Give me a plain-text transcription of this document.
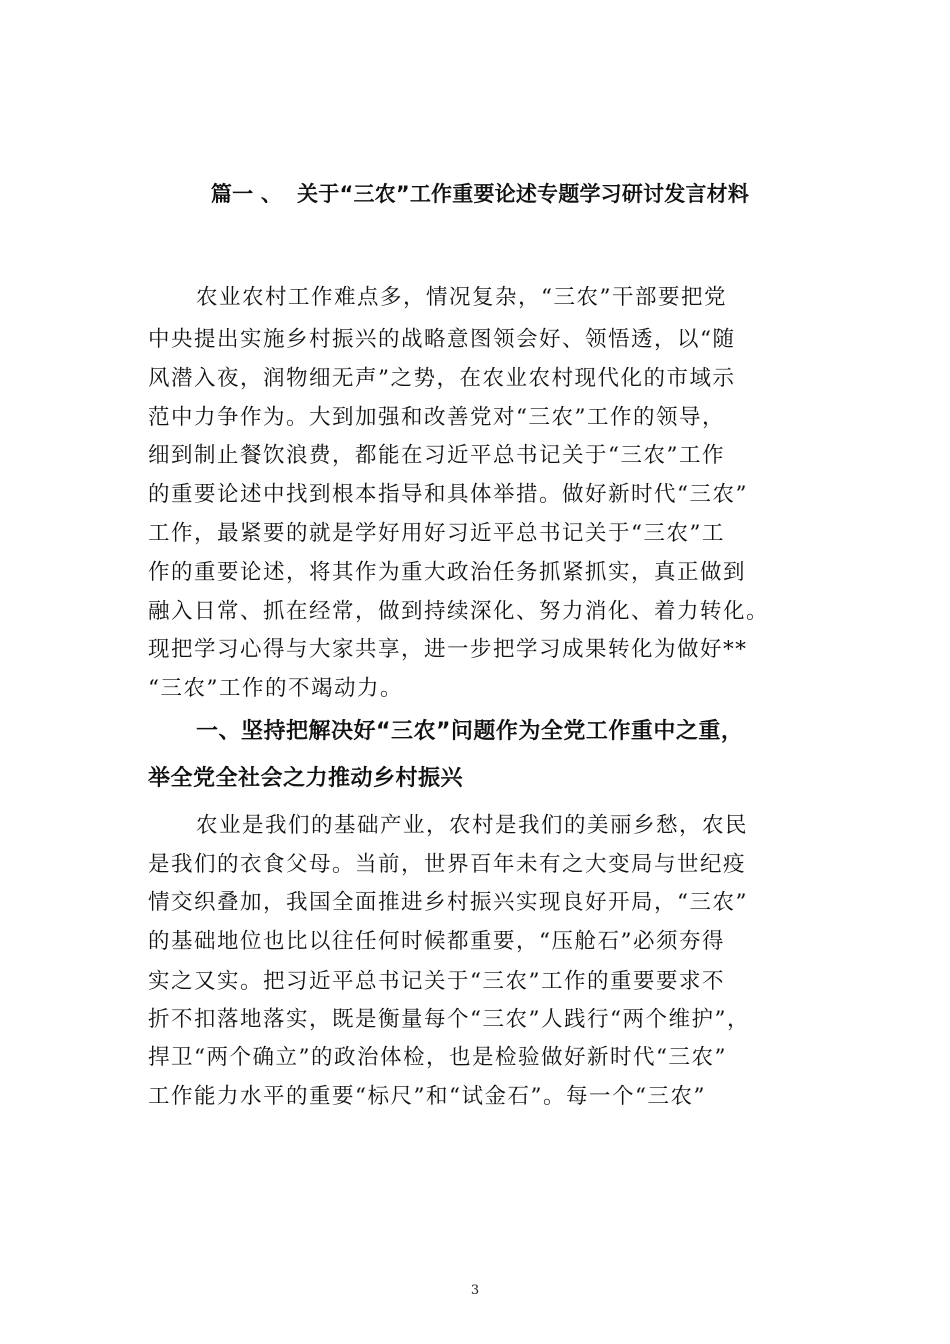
篇一 、  关于“三农”工作重要论述专题学习研讨发言材料

农业农村工作难点多，情况复杂，“三农”干部要把党

中央提出实施乡村振兴的战略意图领会好、领悟透，以“随

风潜入夜，润物细无声”之势，在农业农村现代化的市域示

范中力争作为。大到加强和改善党对“三农”工作的领导，

细到制止餐饮浪费，都能在习近平总书记关于“三农”工作

的重要论述中找到根本指导和具体举措。做好新时代“三农”

工作，最紧要的就是学好用好习近平总书记关于“三农”工

作的重要论述，将其作为重大政治任务抓紧抓实，真正做到

融入日常、抓在经常，做到持续深化、努力消化、着力转化。

现把学习心得与大家共享，进一步把学习成果转化为做好**

“三农”工作的不竭动力。

一、坚持把解决好“三农”问题作为全党工作重中之重，

举全党全社会之力推动乡村振兴

农业是我们的基础产业，农村是我们的美丽乡愁，农民

是我们的衣食父母。当前，世界百年未有之大变局与世纪疫

情交织叠加，我国全面推进乡村振兴实现良好开局，“三农”

的基础地位也比以往任何时候都重要，“压舱石”必须夯得

实之又实。把习近平总书记关于“三农”工作的重要要求不

折不扣落地落实，既是衡量每个“三农”人践行“两个维护”，

捍卫“两个确立”的政治体检，也是检验做好新时代“三农”

工作能力水平的重要“标尺”和“试金石”。每一个“三农”

3
